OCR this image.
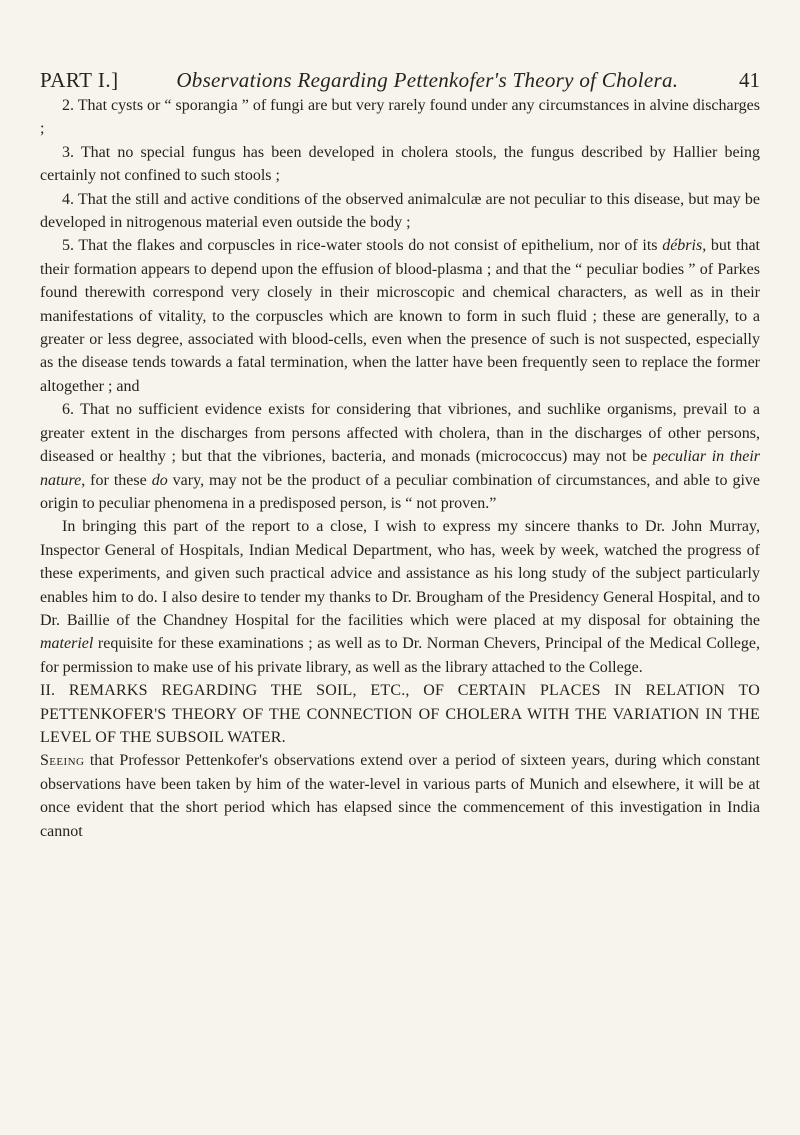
PART I.]	Observations Regarding Pettenkofer's Theory of Cholera.	41

2. That cysts or “ sporangia ” of fungi are but very rarely found under any circumstances in alvine discharges ;

3. That no special fungus has been developed in cholera stools, the fungus described by Hallier being certainly not confined to such stools ;

4. That the still and active conditions of the observed animalculæ are not peculiar to this disease, but may be developed in nitrogenous material even outside the body ;

5. That the flakes and corpuscles in rice-water stools do not consist of epithelium, nor of its débris, but that their formation appears to depend upon the effusion of blood-plasma ; and that the “ peculiar bodies ” of Parkes found therewith correspond very closely in their microscopic and chemical characters, as well as in their manifestations of vitality, to the corpuscles which are known to form in such fluid ; these are generally, to a greater or less degree, associated with blood-cells, even when the presence of such is not suspected, especially as the disease tends towards a fatal termination, when the latter have been frequently seen to replace the former altogether ; and

6. That no sufficient evidence exists for considering that vibriones, and suchlike organisms, prevail to a greater extent in the discharges from persons affected with cholera, than in the discharges of other persons, diseased or healthy ; but that the vibriones, bacteria, and monads (micrococcus) may not be peculiar in their nature, for these do vary, may not be the product of a peculiar combination of circumstances, and able to give origin to peculiar phenomena in a predisposed person, is “ not proven.”

In bringing this part of the report to a close, I wish to express my sincere thanks to Dr. John Murray, Inspector General of Hospitals, Indian Medical Department, who has, week by week, watched the progress of these experiments, and given such practical advice and assistance as his long study of the subject particularly enables him to do. I also desire to tender my thanks to Dr. Brougham of the Presidency General Hospital, and to Dr. Baillie of the Chandney Hospital for the facilities which were placed at my disposal for obtaining the materiel requisite for these examinations ; as well as to Dr. Norman Chevers, Principal of the Medical College, for permission to make use of his private library, as well as the library attached to the College.

II. REMARKS REGARDING THE SOIL, ETC., OF CERTAIN PLACES IN RELATION TO PETTENKOFER'S THEORY OF THE CONNECTION OF CHOLERA WITH THE VARIATION IN THE LEVEL OF THE SUBSOIL WATER.

Seeing that Professor Pettenkofer's observations extend over a period of sixteen years, during which constant observations have been taken by him of the water-level in various parts of Munich and elsewhere, it will be at once evident that the short period which has elapsed since the commencement of this investigation in India cannot
